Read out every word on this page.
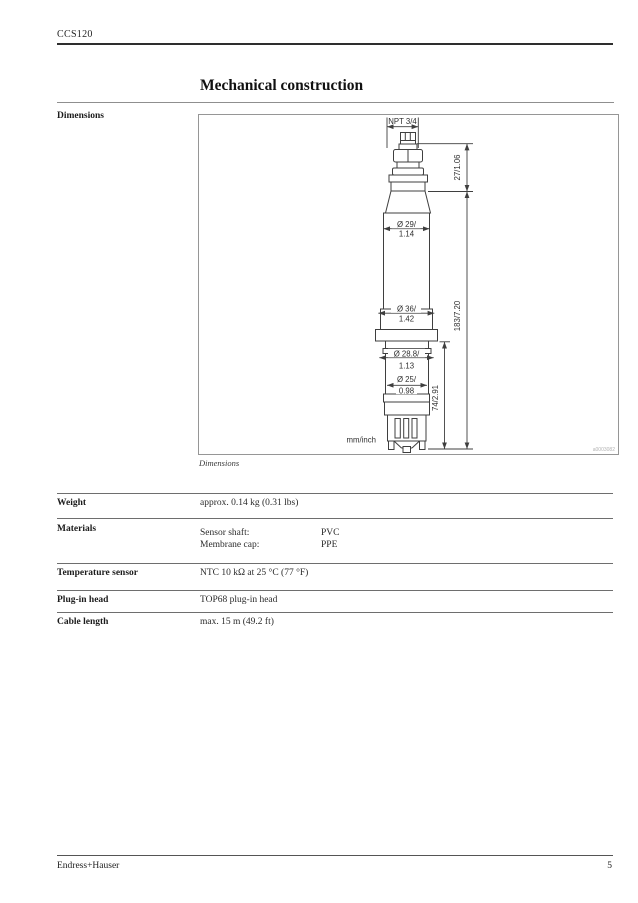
CCS120
Mechanical construction
Dimensions
NPT 3/4
Ø 29/
1.14
Ø 36/
1.42
Ø 28.8/
1.13
Ø 25/
0.98
mm/inch
27/1.06
183/7.20
74/2.91
a0003082
Dimensions
Weight	approx. 0.14 kg (0.31 lbs)
Materials	Sensor shaft:	PVC
Membrane cap:	PPE
Temperature sensor	NTC 10 kΩ at 25 °C (77 °F)
Plug-in head	TOP68 plug-in head
Cable length	max. 15 m (49.2 ft)
Endress+Hauser	5
